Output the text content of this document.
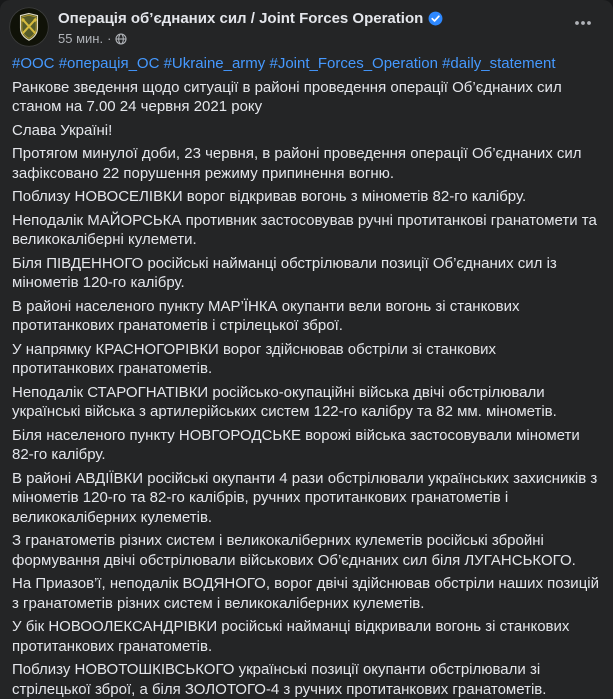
Операція об’єднаних сил / Joint Forces Operation
55 мин. ·

#ООС #операція_ОС #Ukraine_army #Joint_Forces_Operation #daily_statement

Ранкове зведення щодо ситуації в районі проведення операції Об’єднаних сил станом на 7.00 24 червня 2021 року

Слава Україні!

Протягом минулої доби, 23 червня, в районі проведення операції Об’єднаних сил зафіксовано 22 порушення режиму припинення вогню.

Поблизу НОВОСЕЛІВКИ ворог відкривав вогонь з мінометів 82-го калібру.

Неподалік МАЙОРСЬКА противник застосовував ручні протитанкові гранатомети та великокаліберні кулемети.

Біля ПІВДЕННОГО російські найманці обстрілювали позиції Об’єднаних сил із мінометів 120-го калібру.

В районі населеного пункту МАР’ЇНКА окупанти вели вогонь зі станкових протитанкових гранатометів і стрілецької зброї.

У напрямку КРАСНОГОРІВКИ ворог здійснював обстріли зі станкових протитанкових гранатометів.

Неподалік СТАРОГНАТІВКИ російсько-окупаційні війська двічі обстрілювали українські війська з артилерійських систем 122-го калібру та 82 мм. мінометів.

Біля населеного пункту НОВГОРОДСЬКЕ ворожі війська застосовували міномети 82-го калібру.

В районі АВДІЇВКИ російські окупанти 4 рази обстрілювали українських захисників з мінометів 120-го та 82-го калібрів, ручних протитанкових гранатометів і великокаліберних кулеметів.

З гранатометів різних систем і великокаліберних кулеметів російські збройні формування двічі обстрілювали військових Об’єднаних сил біля ЛУГАНСЬКОГО.

На Приазов’ї, неподалік ВОДЯНОГО, ворог двічі здійснював обстріли наших позицій з гранатометів різних систем і великокаліберних кулеметів.

У бік НОВООЛЕКСАНДРІВКИ російські найманці відкривали вогонь зі станкових протитанкових гранатометів.

Поблизу НОВОТОШКІВСЬКОГО українські позиції окупанти обстрілювали зі стрілецької зброї, а біля ЗОЛОТОГО-4 з ручних протитанкових гранатометів.
